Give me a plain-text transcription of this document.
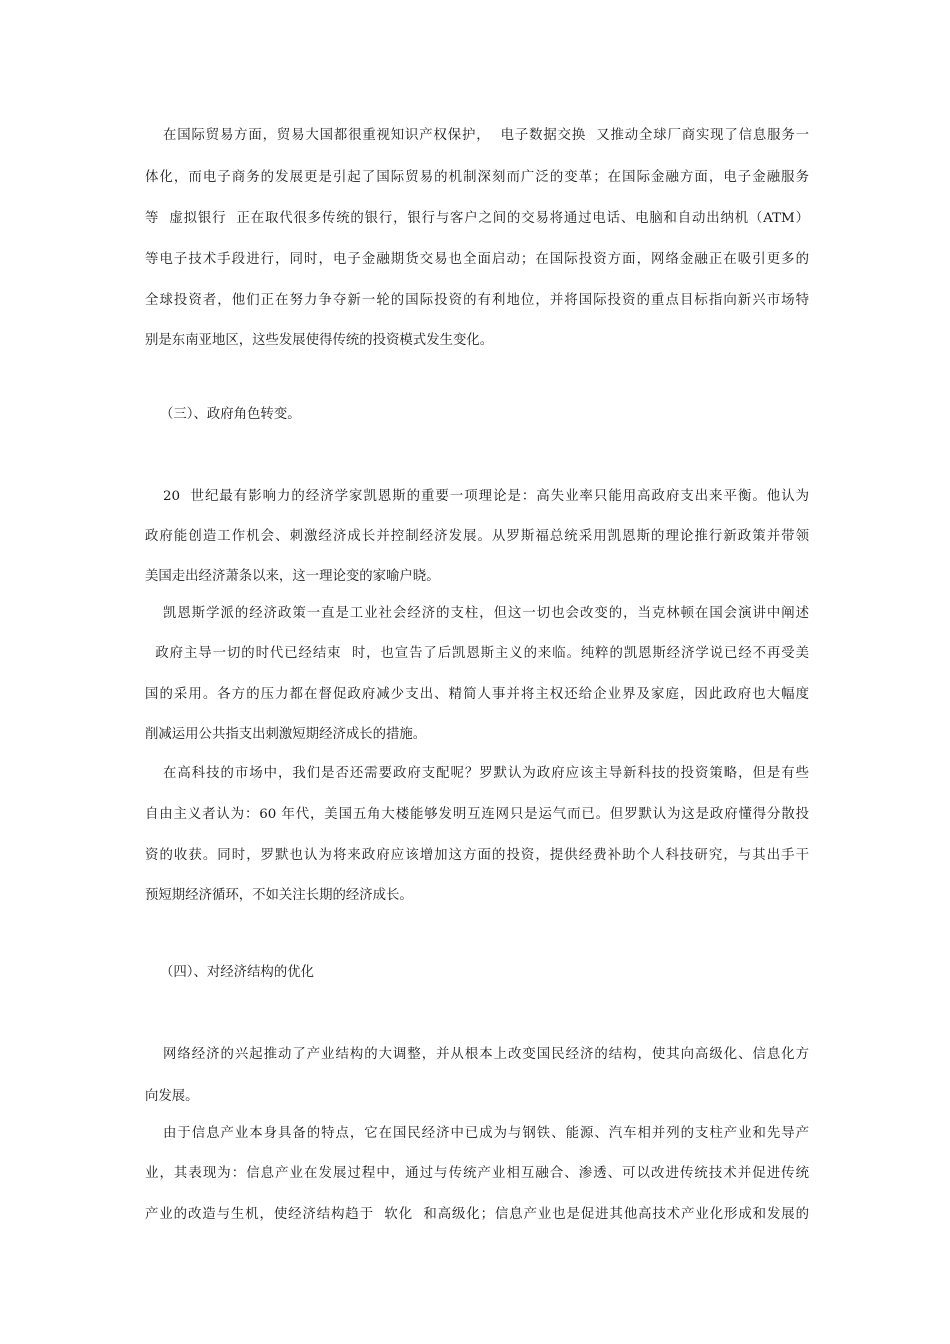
在国际贸易方面，贸易大国都很重视知识产权保护，  电子数据交换  又推动全球厂商实现了信息服务一
体化，而电子商务的发展更是引起了国际贸易的机制深刻而广泛的变革；在国际金融方面，电子金融服务
等  虚拟银行  正在取代很多传统的银行，银行与客户之间的交易将通过电话、电脑和自动出纳机（ATM）
等电子技术手段进行，同时，电子金融期货交易也全面启动；在国际投资方面，网络金融正在吸引更多的
全球投资者，他们正在努力争夺新一轮的国际投资的有利地位，并将国际投资的重点目标指向新兴市场特
别是东南亚地区，这些发展使得传统的投资模式发生变化。
（三）、政府角色转变。
20  世纪最有影响力的经济学家凯恩斯的重要一项理论是：高失业率只能用高政府支出来平衡。他认为
政府能创造工作机会、刺激经济成长并控制经济发展。从罗斯福总统采用凯恩斯的理论推行新政策并带领
美国走出经济萧条以来，这一理论变的家喻户晓。
凯恩斯学派的经济政策一直是工业社会经济的支柱，但这一切也会改变的，当克林顿在国会演讲中阐述
政府主导一切的时代已经结束  时，也宣告了后凯恩斯主义的来临。纯粹的凯恩斯经济学说已经不再受美
国的采用。各方的压力都在督促政府减少支出、精简人事并将主权还给企业界及家庭，因此政府也大幅度
削减运用公共指支出刺激短期经济成长的措施。
在高科技的市场中，我们是否还需要政府支配呢？罗默认为政府应该主导新科技的投资策略，但是有些
自由主义者认为：60 年代，美国五角大楼能够发明互连网只是运气而已。但罗默认为这是政府懂得分散投
资的收获。同时，罗默也认为将来政府应该增加这方面的投资，提供经费补助个人科技研究，与其出手干
预短期经济循环，不如关注长期的经济成长。
（四）、对经济结构的优化
网络经济的兴起推动了产业结构的大调整，并从根本上改变国民经济的结构，使其向高级化、信息化方
向发展。
由于信息产业本身具备的特点，它在国民经济中已成为与钢铁、能源、汽车相并列的支柱产业和先导产
业，其表现为：信息产业在发展过程中，通过与传统产业相互融合、渗透、可以改进传统技术并促进传统
产业的改造与生机，使经济结构趋于  软化  和高级化；信息产业也是促进其他高技术产业化形成和发展的
